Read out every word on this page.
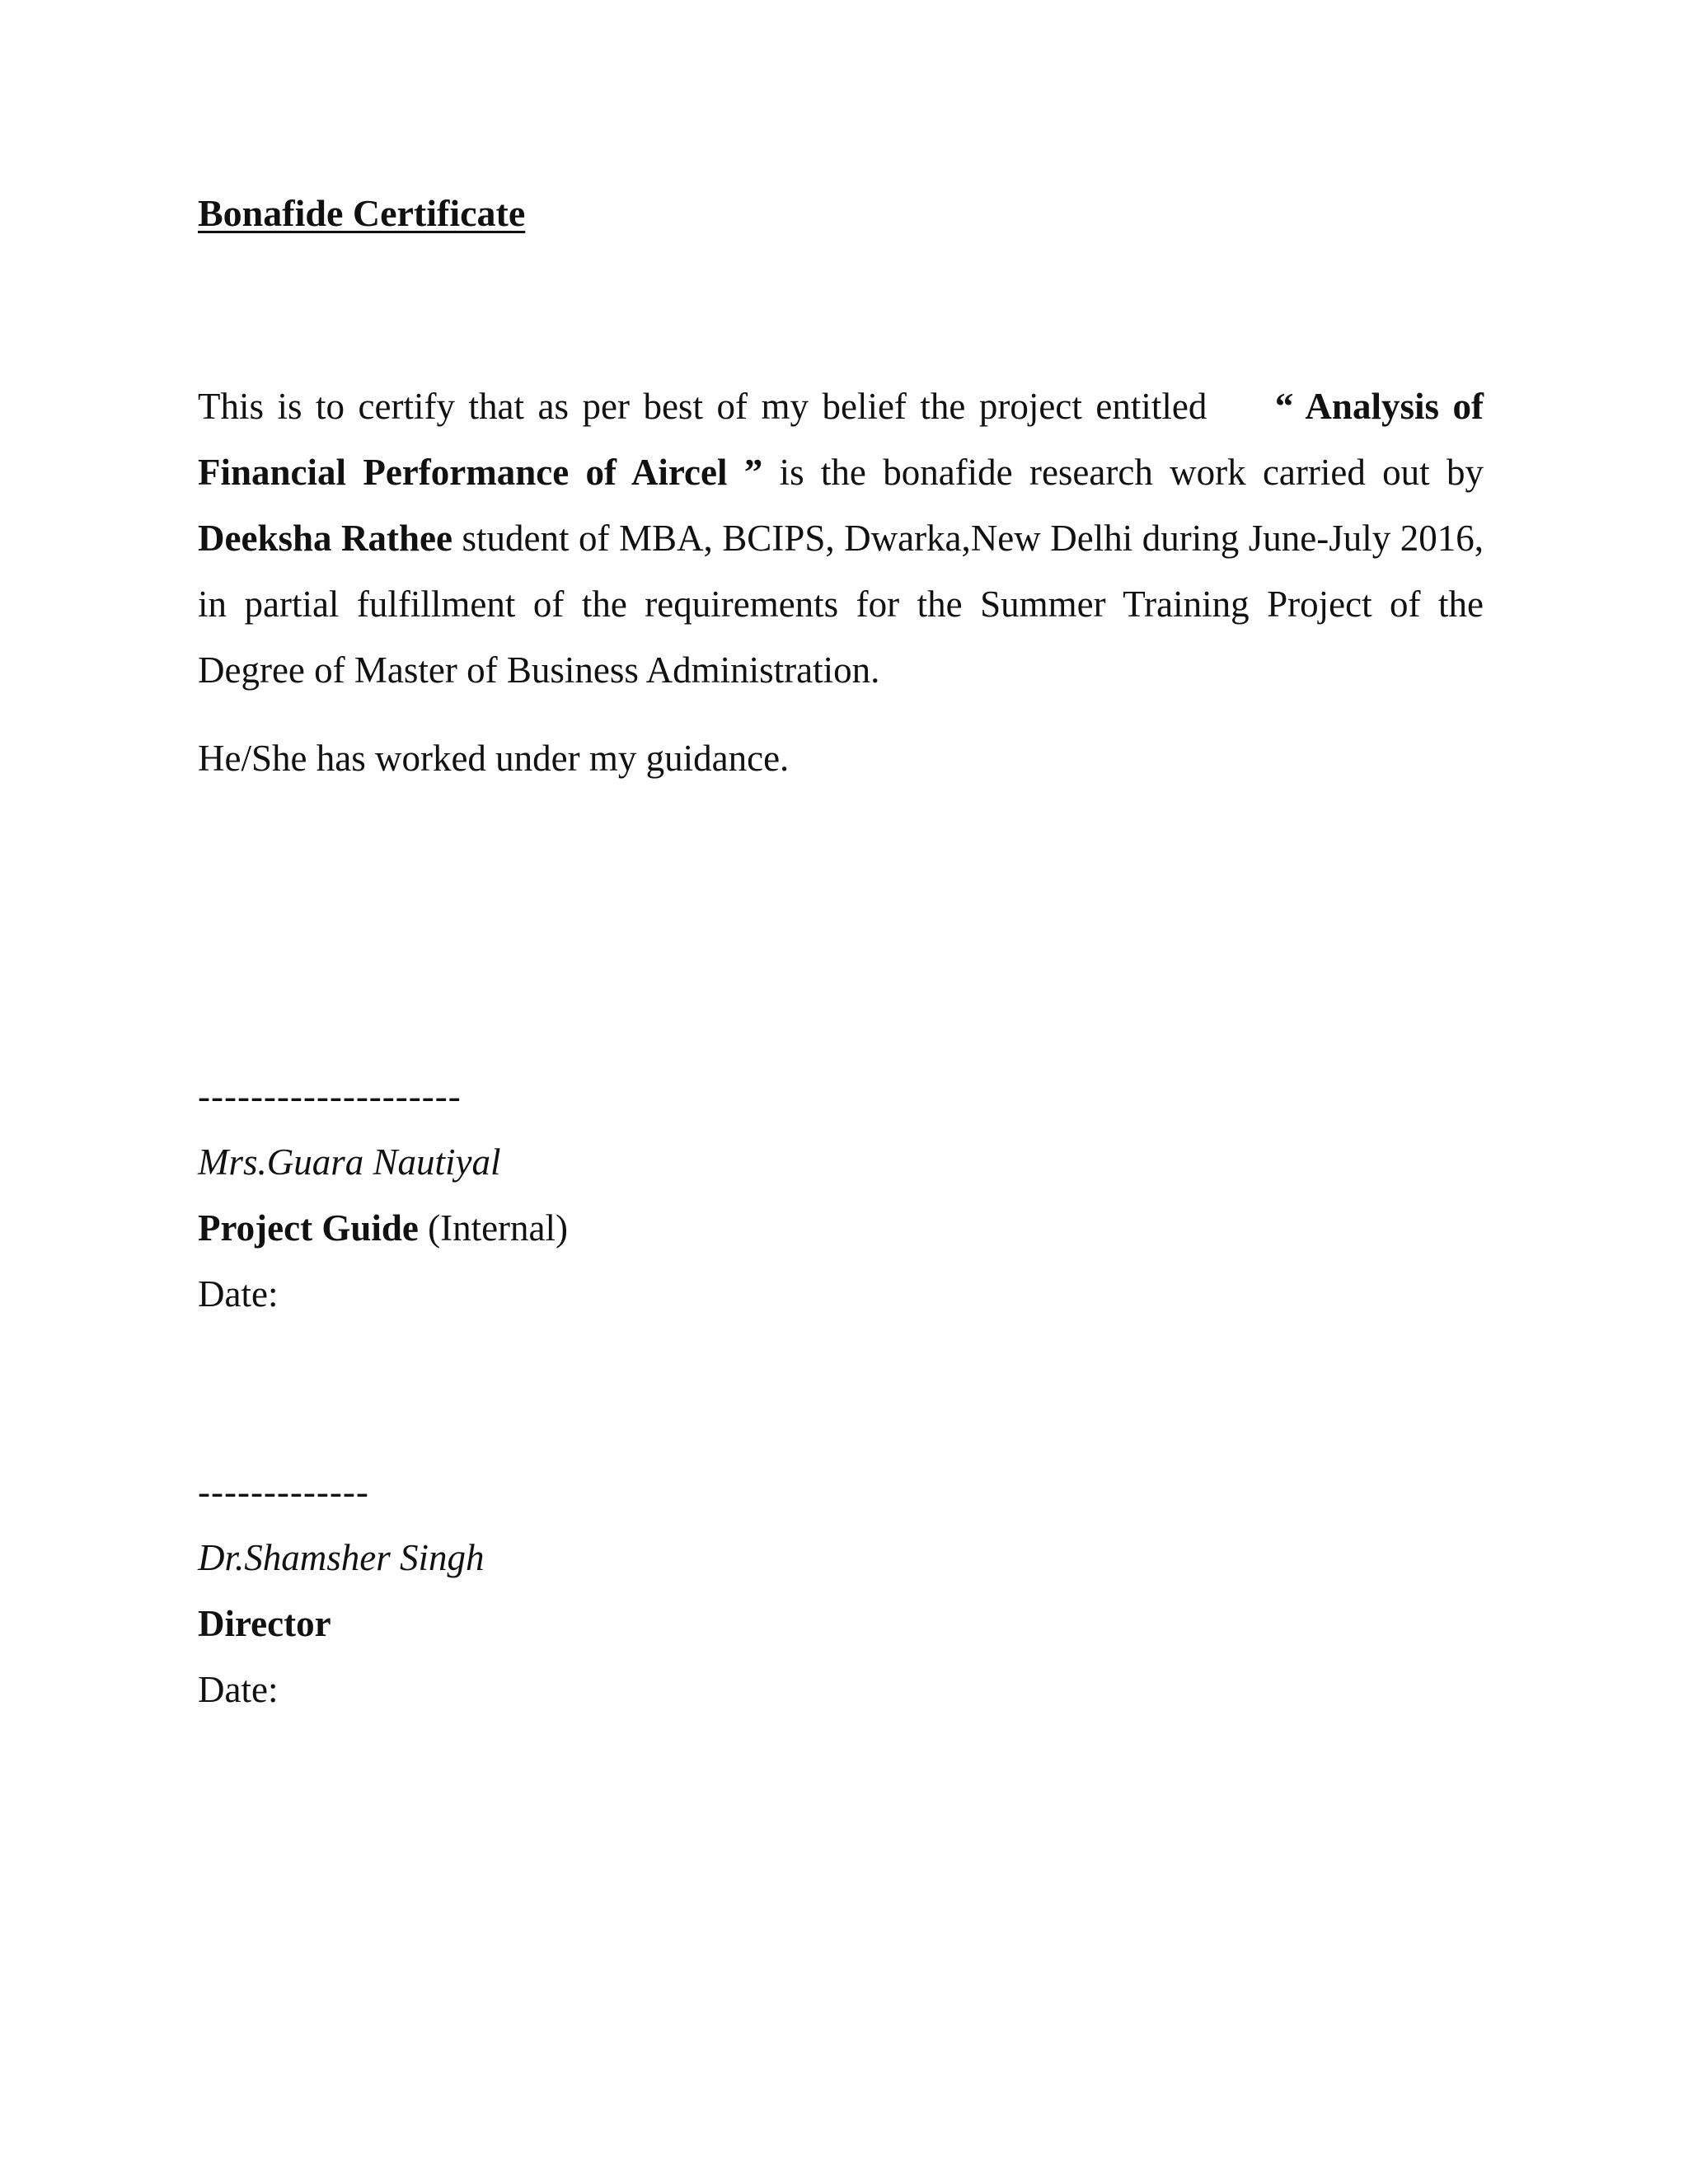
Bonafide Certificate
This is to certify that as per best of my belief the project entitled “ Analysis of Financial Performance of Aircel ” is the bonafide research work carried out by Deeksha Rathee student of MBA, BCIPS, Dwarka,New Delhi during June-July 2016, in partial fulfillment of the requirements for the Summer Training Project of the Degree of Master of Business Administration.
He/She has worked under my guidance.
--------------------
Mrs.Guara Nautiyal
Project Guide (Internal)
Date:
-------------
Dr.Shamsher Singh
Director
Date:
